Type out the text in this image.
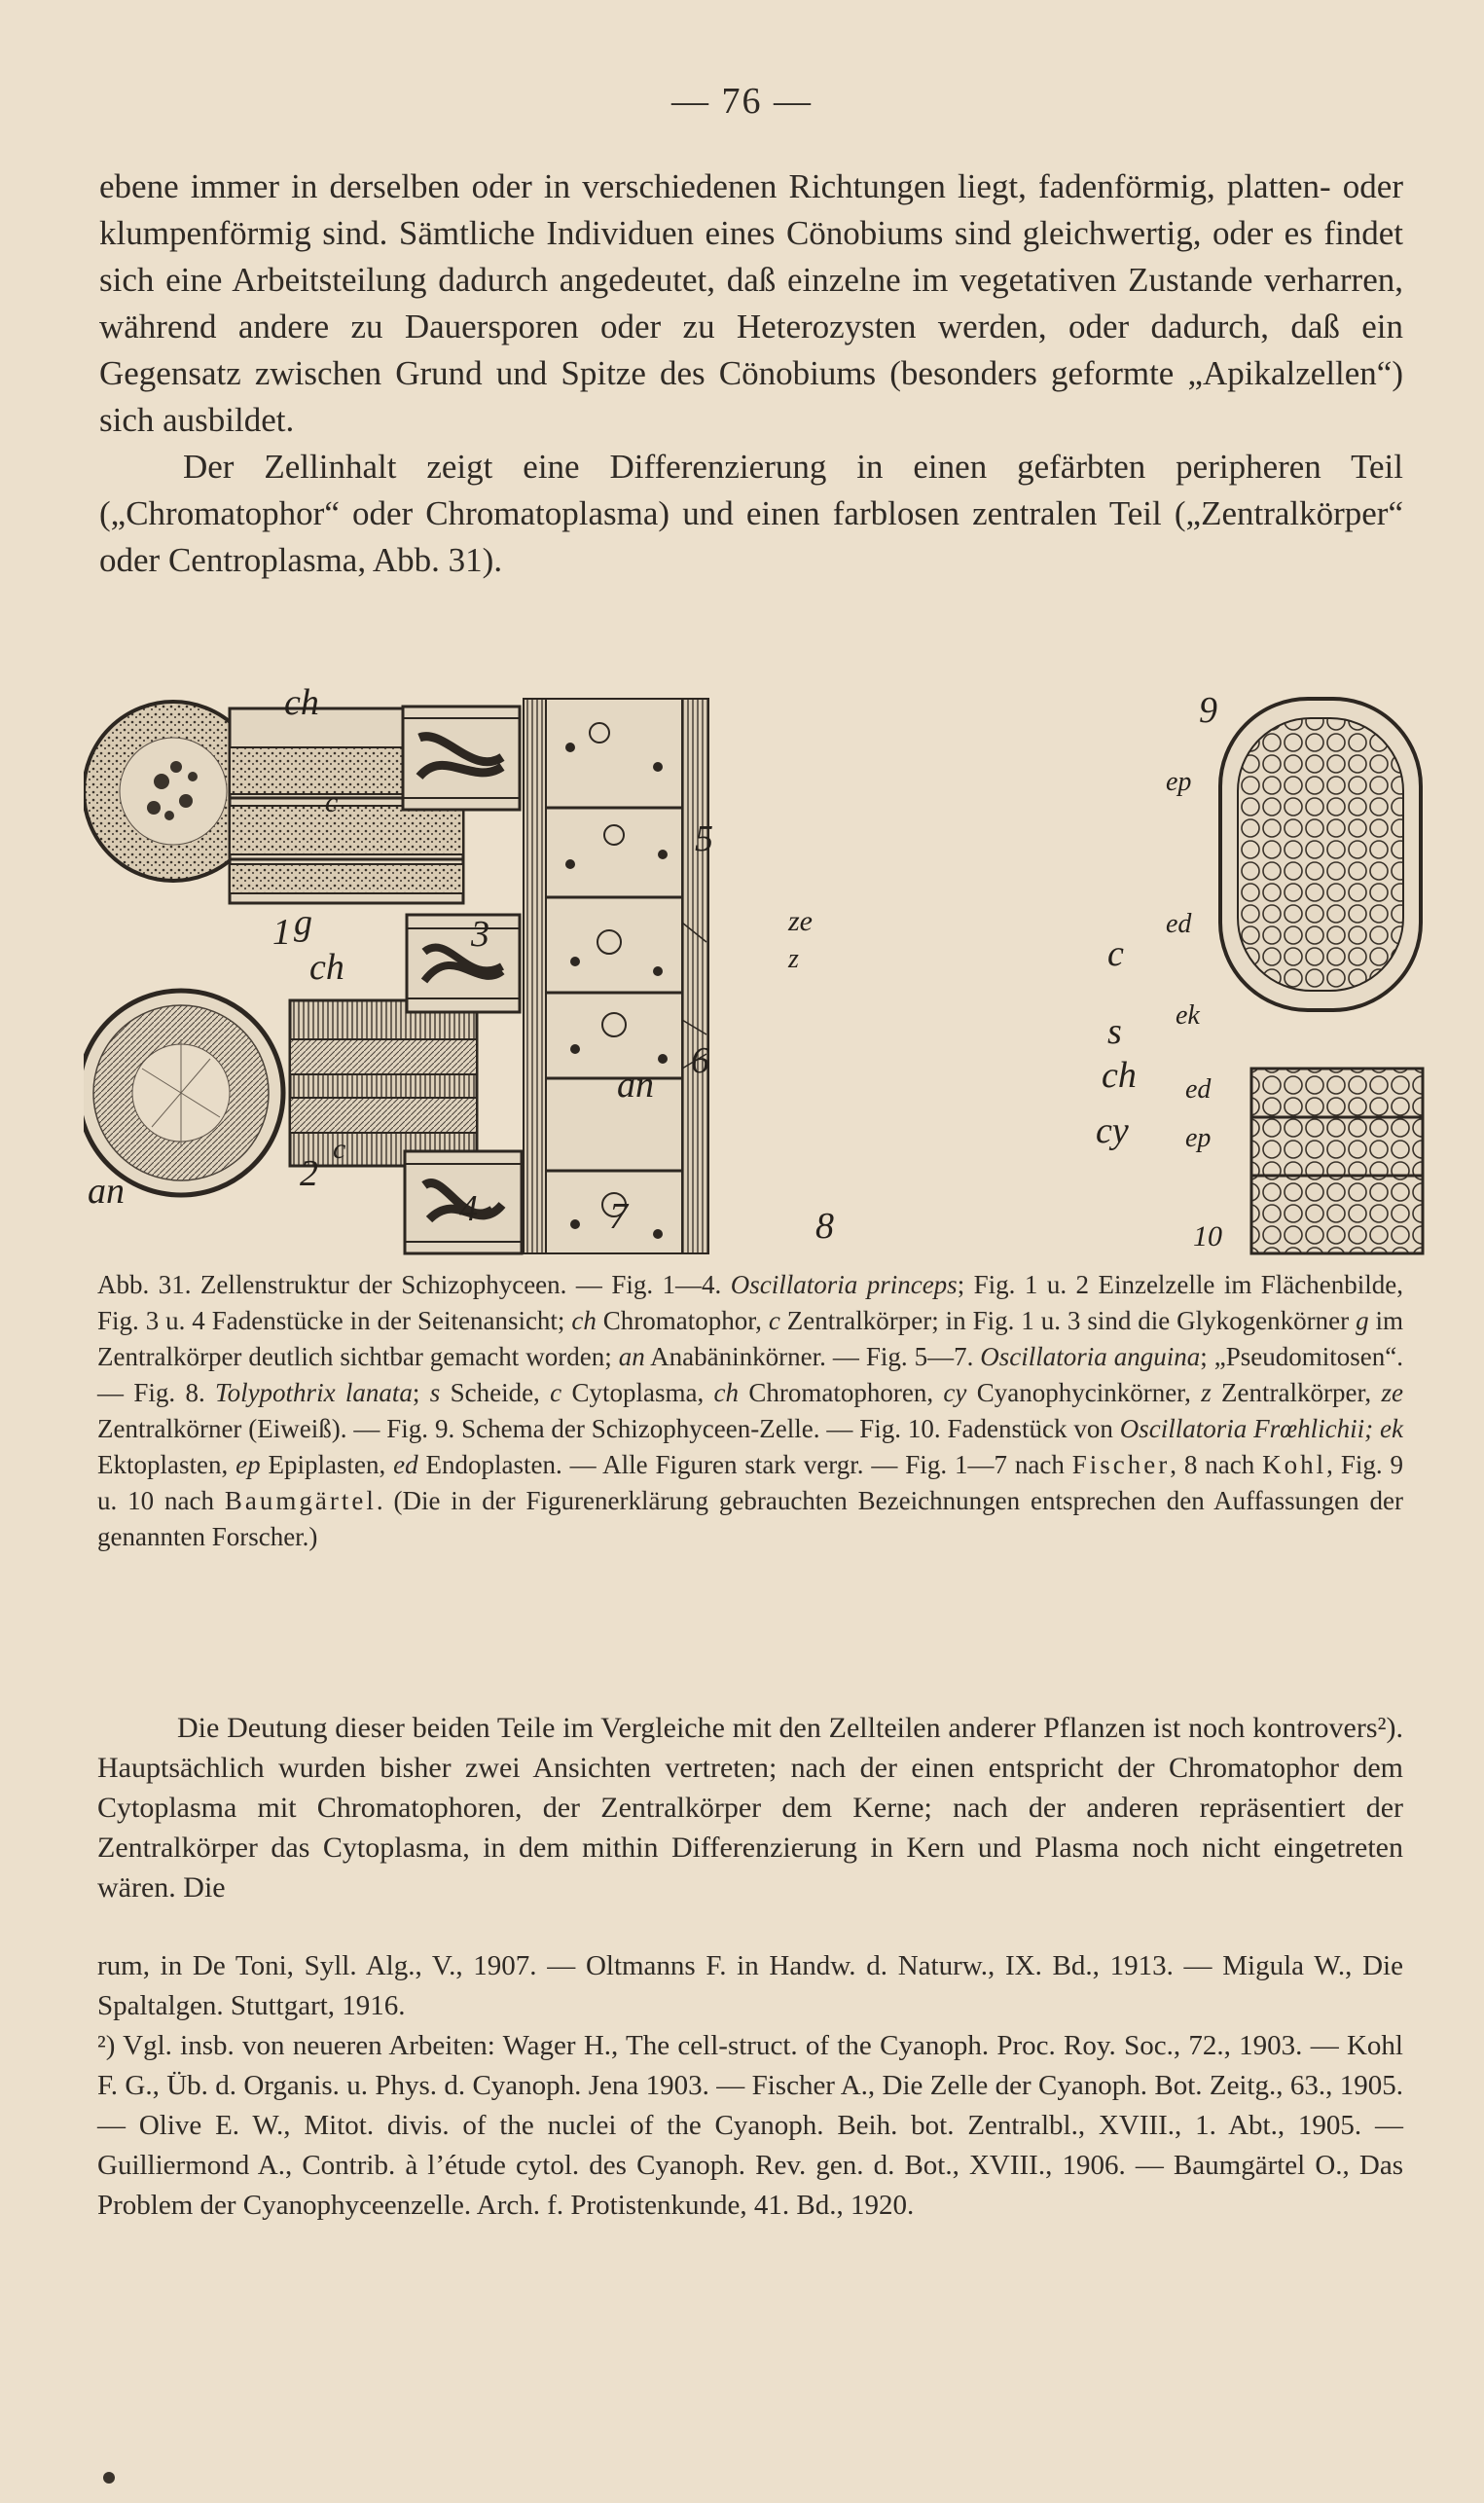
— 76 —

ebene immer in derselben oder in verschiedenen Richtungen liegt, fadenförmig, platten- oder klumpenförmig sind. Sämtliche Individuen eines Cönobiums sind gleichwertig, oder es findet sich eine Arbeitsteilung dadurch angedeutet, daß einzelne im vegetativen Zustande verharren, während andere zu Dauersporen oder zu Heterozysten werden, oder dadurch, daß ein Gegensatz zwischen Grund und Spitze des Cönobiums (besonders geformte „Apikalzellen“) sich ausbildet.

Der Zellinhalt zeigt eine Differenzierung in einen gefärbten peripheren Teil („Chromatophor“ oder Chromatoplasma) und einen farblosen zentralen Teil („Zentralkörper“ oder Centroplasma, Abb. 31).

ch
c
1 g	3
ch
5
ze
z
6
an
c
2
an	4	7	8
c
s
ch
cy
9
ep
ed
ek
ed
ep
10
Abb. 31. Zellenstruktur der Schizophyceen. — Fig. 1—4. Oscillatoria princeps; Fig. 1 u. 2 Einzelzelle im Flächenbilde, Fig. 3 u. 4 Fadenstücke in der Seitenansicht; ch Chromatophor, c Zentralkörper; in Fig. 1 u. 3 sind die Glykogenkörner g im Zentralkörper deutlich sichtbar gemacht worden; an Anabäninkörner. — Fig. 5—7. Oscillatoria anguina; „Pseudomitosen“. — Fig. 8. Tolypothrix lanata; s Scheide, c Cytoplasma, ch Chromatophoren, cy Cyanophycinkörner, z Zentralkörper, ze Zentralkörner (Eiweiß). — Fig. 9. Schema der Schizophyceen-Zelle. — Fig. 10. Fadenstück von Oscillatoria Frœhlichii; ek Ektoplasten, ep Epiplasten, ed Endoplasten. — Alle Figuren stark vergr. — Fig. 1—7 nach Fischer, 8 nach Kohl, Fig. 9 u. 10 nach Baumgärtel. (Die in der Figurenerklärung gebrauchten Bezeichnungen entsprechen den Auffassungen der genannten Forscher.)

Die Deutung dieser beiden Teile im Vergleiche mit den Zellteilen anderer Pflanzen ist noch kontrovers²). Hauptsächlich wurden bisher zwei Ansichten vertreten; nach der einen entspricht der Chromatophor dem Cytoplasma mit Chromatophoren, der Zentralkörper dem Kerne; nach der anderen repräsentiert der Zentralkörper das Cytoplasma, in dem mithin Differenzierung in Kern und Plasma noch nicht eingetreten wären. Die

rum, in De Toni, Syll. Alg., V., 1907. — Oltmanns F. in Handw. d. Naturw., IX. Bd., 1913. — Migula W., Die Spaltalgen. Stuttgart, 1916.

²) Vgl. insb. von neueren Arbeiten: Wager H., The cell-struct. of the Cyanoph. Proc. Roy. Soc., 72., 1903. — Kohl F. G., Üb. d. Organis. u. Phys. d. Cyanoph. Jena 1903. — Fischer A., Die Zelle der Cyanoph. Bot. Zeitg., 63., 1905. — Olive E. W., Mitot. divis. of the nuclei of the Cyanoph. Beih. bot. Zentralbl., XVIII., 1. Abt., 1905. — Guilliermond A., Contrib. à l’étude cytol. des Cyanoph. Rev. gen. d. Bot., XVIII., 1906. — Baumgärtel O., Das Problem der Cyanophyceenzelle. Arch. f. Protistenkunde, 41. Bd., 1920.
